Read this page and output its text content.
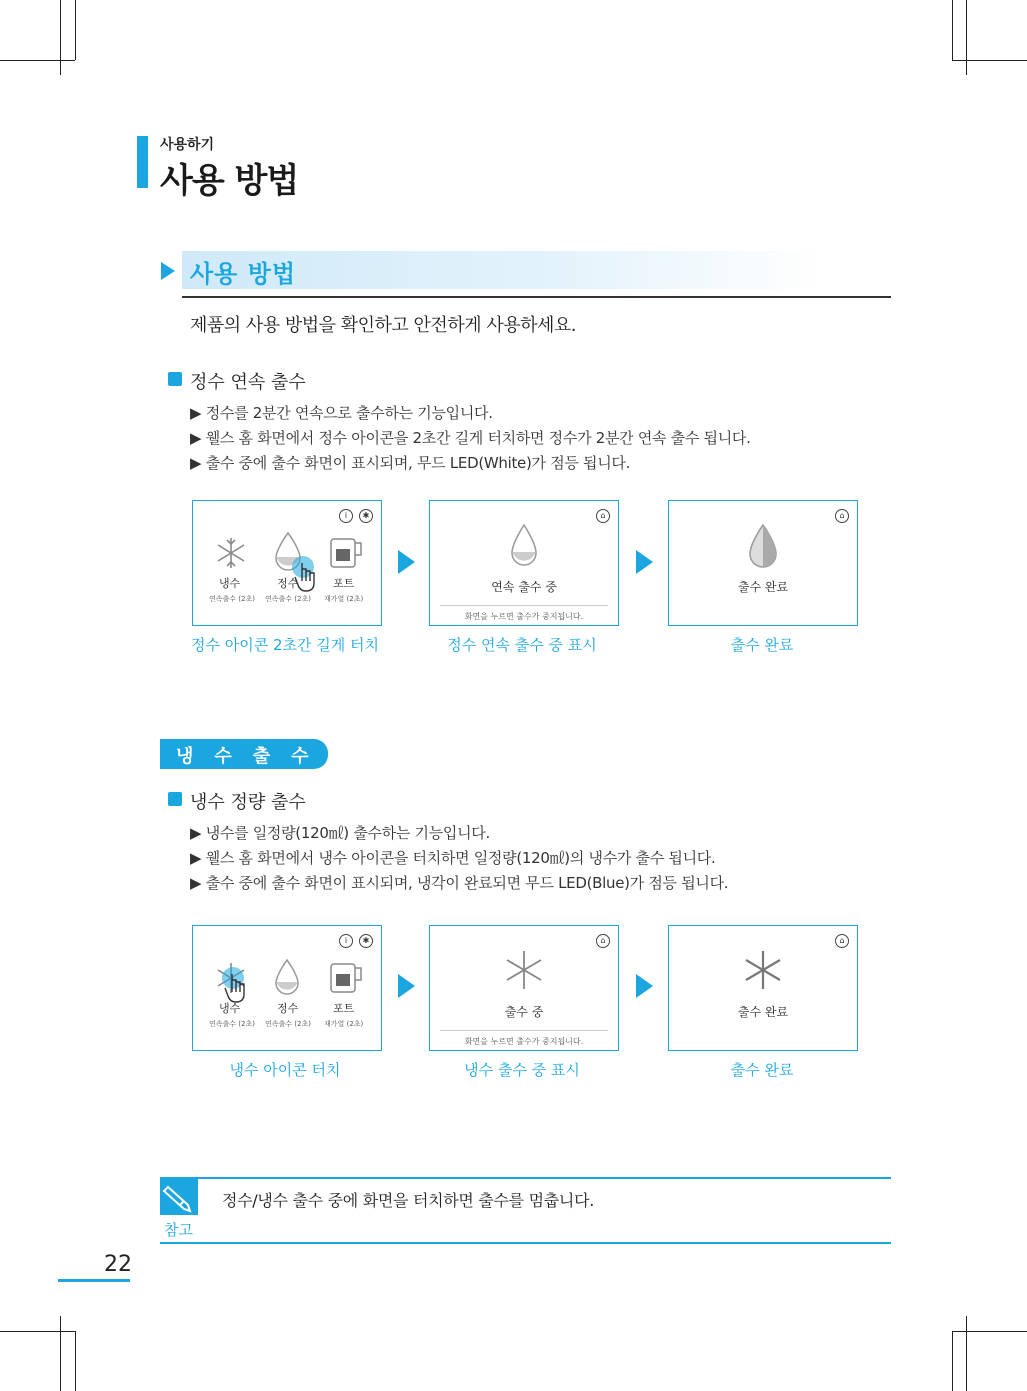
사용하기
사용 방법
사용 방법
제품의 사용 방법을 확인하고 안전하게 사용하세요.
정수 연속 출수
▶ 정수를 2분간 연속으로 출수하는 기능입니다.
▶ 웰스 홈 화면에서 정수 아이콘을 2초간 길게 터치하면 정수가 2분간 연속 출수 됩니다.
▶ 출수 중에 출수 화면이 표시되며, 무드 LED(White)가 점등 됩니다.
i	✱
냉수	정수	포트
연속출수 (2초) 연속출수 (2초) 재가열 (2초)
⌂
연속 출수 중
화면을 누르면 출수가 중지됩니다.
⌂
출수 완료
정수 아이콘 2초간 길게 터치	정수 연속 출수 중 표시	출수 완료
냉수출수
냉수 정량 출수
▶ 냉수를 일정량(120㎖) 출수하는 기능입니다.
▶ 웰스 홈 화면에서 냉수 아이콘을 터치하면 일정량(120㎖)의 냉수가 출수 됩니다.
▶ 출수 중에 출수 화면이 표시되며, 냉각이 완료되면 무드 LED(Blue)가 점등 됩니다.
i	✱
냉수	정수	포트
연속출수 (2초) 연속출수 (2초) 재가열 (2초)
⌂
출수 중
화면을 누르면 출수가 중지됩니다.
⌂
출수 완료
냉수 아이콘 터치	냉수 출수 중 표시	출수 완료
참고
정수/냉수 출수 중에 화면을 터치하면 출수를 멈춥니다.
22
